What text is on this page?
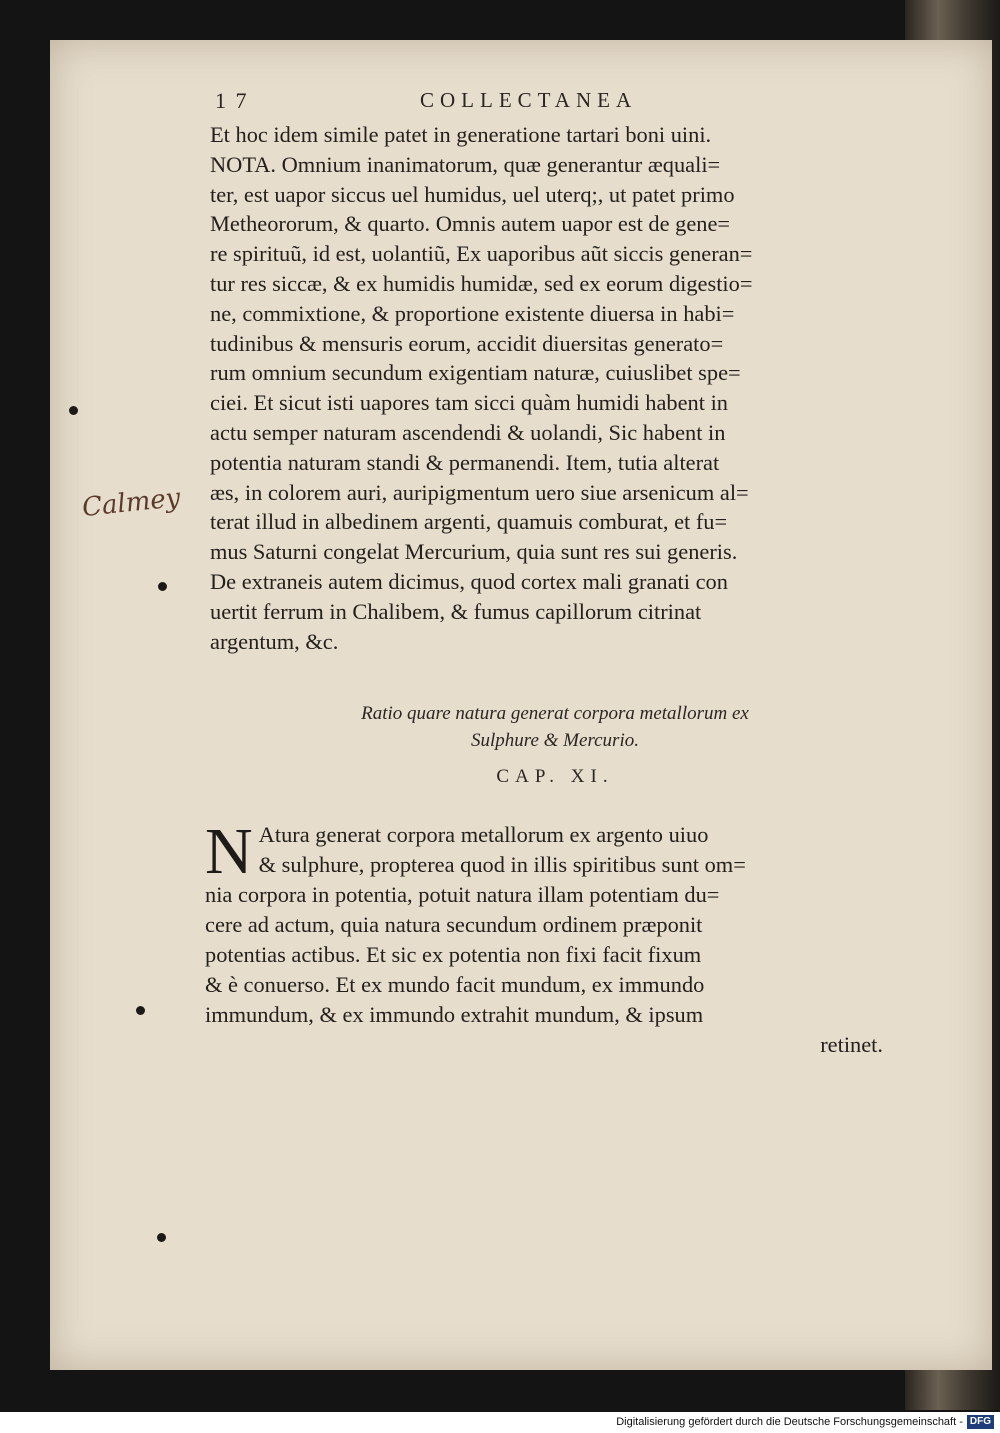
1 7	COLLECTANEA
Et hoc idem simile patet in generatione tartari boni uini.
NOTA. Omnium inanimatorum, quæ generantur æquali=
ter, est uapor siccus uel humidus, uel uterq;, ut patet primo
Metheororum, & quarto. Omnis autem uapor est de gene=
re spirituũ, id est, uolantiũ, Ex uaporibus aũt siccis generan=
tur res siccæ, & ex humidis humidæ, sed ex eorum digestio=
ne, commixtione, & proportione existente diuersa in habi=
tudinibus & mensuris eorum, accidit diuersitas generato=
rum omnium secundum exigentiam naturæ, cuiuslibet spe=
ciei. Et sicut isti uapores tam sicci quàm humidi habent in
actu semper naturam ascendendi & uolandi, Sic habent in
potentia naturam standi & permanendi. Item, tutia alterat
æs, in colorem auri, auripigmentum uero siue arsenicum al=
terat illud in albedinem argenti, quamuis comburat, et fu=
mus Saturni congelat Mercurium, quia sunt res sui generis.
De extraneis autem dicimus, quod cortex mali granati con
uertit ferrum in Chalibem, & fumus capillorum citrinat
argentum, &c.
Ratio quare natura generat corpora metallorum ex
Sulphure & Mercurio.
CAP. XI.
N Atura generat corpora metallorum ex argento uiuo
& sulphure, propterea quod in illis spiritibus sunt om=
nia corpora in potentia, potuit natura illam potentiam du=
cere ad actum, quia natura secundum ordinem præponit
potentias actibus. Et sic ex potentia non fixi facit fixum
& è conuerso. Et ex mundo facit mundum, ex immundo
immundum, & ex immundo extrahit mundum, & ipsum
retinet.
Calmey
Digitalisierung gefördert durch die Deutsche Forschungsgemeinschaft - DFG
